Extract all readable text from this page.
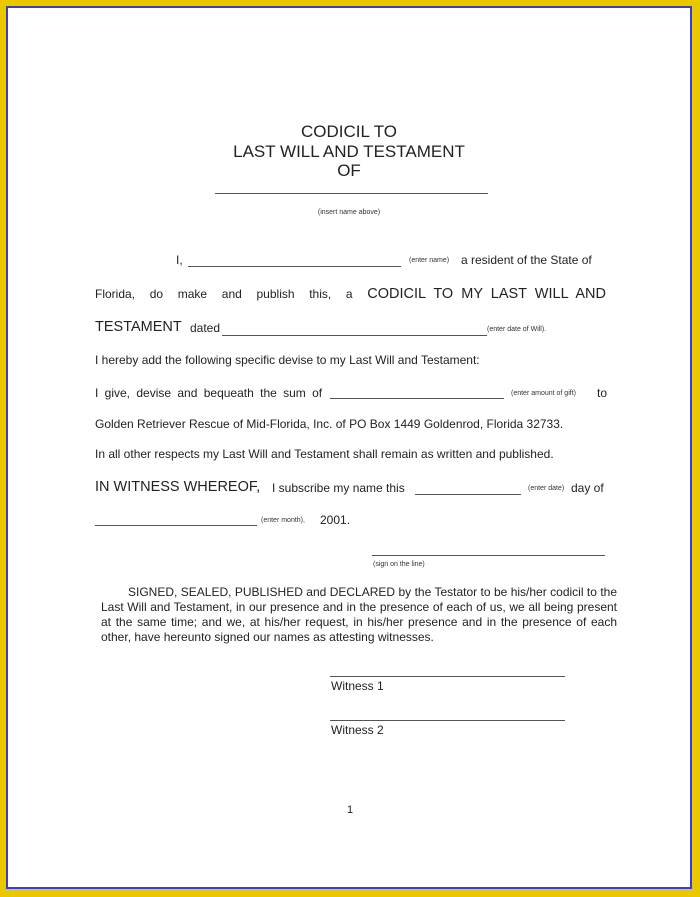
CODICIL TO
LAST WILL AND TESTAMENT
OF
(insert name above)
I,	(enter name) a resident of the State of
Florida, do make and publish this, a CODICIL TO MY LAST WILL AND
TESTAMENT dated	(enter date of Will).
I hereby add the following specific devise to my Last Will and Testament:
I give, devise and bequeath the sum of	(enter amount of gift) to
Golden Retriever Rescue of Mid-Florida, Inc. of PO Box 1449 Goldenrod, Florida 32733.
In all other respects my Last Will and Testament shall remain as written and published.
IN WITNESS WHEREOF, I subscribe my name this	(enter date) day of
(enter month), 2001.
(sign on the line)
SIGNED, SEALED, PUBLISHED and DECLARED by the Testator to be his/her codicil to the Last Will and Testament, in our presence and in the presence of each of us, we all being present at the same time; and we, at his/her request, in his/her presence and in the presence of each other, have hereunto signed our names as attesting witnesses.
Witness 1
Witness 2
1
